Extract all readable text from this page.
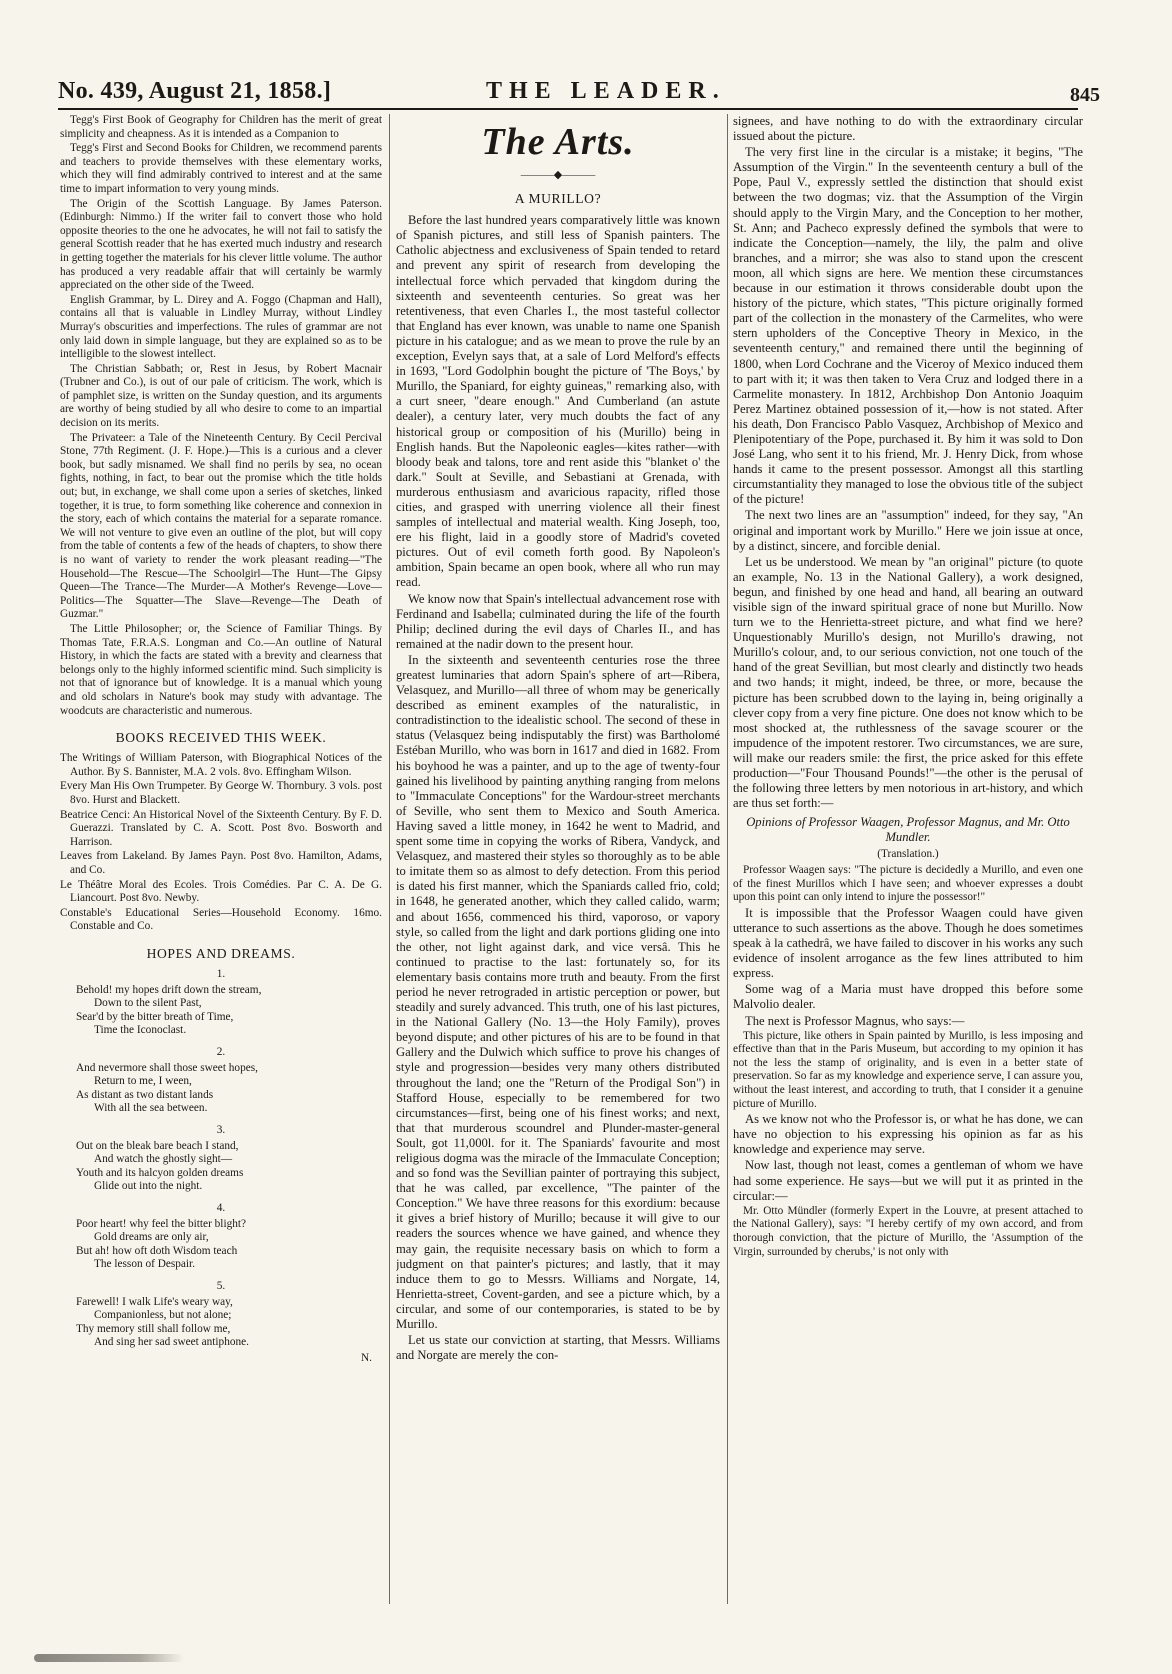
No. 439, August 21, 1858.]	THE LEADER.	845

Tegg's First Book of Geography for Children has the merit of great simplicity and cheapness. As it is intended as a Companion to

Tegg's First and Second Books for Children, we recommend parents and teachers to provide themselves with these elementary works, which they will find admirably contrived to interest and at the same time to impart information to very young minds.

The Origin of the Scottish Language. By James Paterson. (Edinburgh: Nimmo.) If the writer fail to convert those who hold opposite theories to the one he advocates, he will not fail to satisfy the general Scottish reader that he has exerted much industry and research in getting together the materials for his clever little volume. The author has produced a very readable affair that will certainly be warmly appreciated on the other side of the Tweed.

English Grammar, by L. Direy and A. Foggo (Chapman and Hall), contains all that is valuable in Lindley Murray, without Lindley Murray's obscurities and imperfections. The rules of grammar are not only laid down in simple language, but they are explained so as to be intelligible to the slowest intellect.

The Christian Sabbath; or, Rest in Jesus, by Robert Macnair (Trubner and Co.), is out of our pale of criticism. The work, which is of pamphlet size, is written on the Sunday question, and its arguments are worthy of being studied by all who desire to come to an impartial decision on its merits.

The Privateer: a Tale of the Nineteenth Century. By Cecil Percival Stone, 77th Regiment. (J. F. Hope.)—This is a curious and a clever book, but sadly misnamed. We shall find no perils by sea, no ocean fights, nothing, in fact, to bear out the promise which the title holds out; but, in exchange, we shall come upon a series of sketches, linked together, it is true, to form something like coherence and connexion in the story, each of which contains the material for a separate romance. We will not venture to give even an outline of the plot, but will copy from the table of contents a few of the heads of chapters, to show there is no want of variety to render the work pleasant reading—"The Household—The Rescue—The Schoolgirl—The Hunt—The Gipsy Queen—The Trance—The Murder—A Mother's Revenge—Love—Politics—The Squatter—The Slave—Revenge—The Death of Guzmar."

The Little Philosopher; or, the Science of Familiar Things. By Thomas Tate, F.R.A.S. Longman and Co.—An outline of Natural History, in which the facts are stated with a brevity and clearness that belongs only to the highly informed scientific mind. Such simplicity is not that of ignorance but of knowledge. It is a manual which young and old scholars in Nature's book may study with advantage. The woodcuts are characteristic and numerous.

BOOKS RECEIVED THIS WEEK.

The Writings of William Paterson, with Biographical Notices of the Author. By S. Bannister, M.A. 2 vols. 8vo. Effingham Wilson.

Every Man His Own Trumpeter. By George W. Thornbury. 3 vols. post 8vo. Hurst and Blackett.

Beatrice Cenci: An Historical Novel of the Sixteenth Century. By F. D. Guerazzi. Translated by C. A. Scott. Post 8vo. Bosworth and Harrison.

Leaves from Lakeland. By James Payn. Post 8vo. Hamilton, Adams, and Co.

Le Théâtre Moral des Ecoles. Trois Comédies. Par C. A. De G. Liancourt. Post 8vo. Newby.

Constable's Educational Series—Household Economy. 16mo. Constable and Co.

HOPES AND DREAMS.
1.
Behold! my hopes drift down the stream,
Down to the silent Past,
Sear'd by the bitter breath of Time,
Time the Iconoclast.
2.
And nevermore shall those sweet hopes,
Return to me, I ween,
As distant as two distant lands
With all the sea between.
3.
Out on the bleak bare beach I stand,
And watch the ghostly sight—
Youth and its halcyon golden dreams
Glide out into the night.
4.
Poor heart! why feel the bitter blight?
Gold dreams are only air,
But ah! how oft doth Wisdom teach
The lesson of Despair.
5.
Farewell! I walk Life's weary way,
Companionless, but not alone;
Thy memory still shall follow me,
And sing her sad sweet antiphone.
N.
The Arts.
———◆———
A MURILLO?

Before the last hundred years comparatively little was known of Spanish pictures, and still less of Spanish painters. The Catholic abjectness and exclusiveness of Spain tended to retard and prevent any spirit of research from developing the intellectual force which pervaded that kingdom during the sixteenth and seventeenth centuries. So great was her retentiveness, that even Charles I., the most tasteful collector that England has ever known, was unable to name one Spanish picture in his catalogue; and as we mean to prove the rule by an exception, Evelyn says that, at a sale of Lord Melford's effects in 1693, "Lord Godolphin bought the picture of 'The Boys,' by Murillo, the Spaniard, for eighty guineas," remarking also, with a curt sneer, "deare enough." And Cumberland (an astute dealer), a century later, very much doubts the fact of any historical group or composition of his (Murillo) being in English hands. But the Napoleonic eagles—kites rather—with bloody beak and talons, tore and rent aside this "blanket o' the dark." Soult at Seville, and Sebastiani at Grenada, with murderous enthusiasm and avaricious rapacity, rifled those cities, and grasped with unerring violence all their finest samples of intellectual and material wealth. King Joseph, too, ere his flight, laid in a goodly store of Madrid's coveted pictures. Out of evil cometh forth good. By Napoleon's ambition, Spain became an open book, where all who run may read.

We know now that Spain's intellectual advancement rose with Ferdinand and Isabella; culminated during the life of the fourth Philip; declined during the evil days of Charles II., and has remained at the nadir down to the present hour.

In the sixteenth and seventeenth centuries rose the three greatest luminaries that adorn Spain's sphere of art—Ribera, Velasquez, and Murillo—all three of whom may be generically described as eminent examples of the naturalistic, in contradistinction to the idealistic school. The second of these in status (Velasquez being indisputably the first) was Bartholomé Estéban Murillo, who was born in 1617 and died in 1682. From his boyhood he was a painter, and up to the age of twenty-four gained his livelihood by painting anything ranging from melons to "Immaculate Conceptions" for the Wardour-street merchants of Seville, who sent them to Mexico and South America. Having saved a little money, in 1642 he went to Madrid, and spent some time in copying the works of Ribera, Vandyck, and Velasquez, and mastered their styles so thoroughly as to be able to imitate them so as almost to defy detection. From this period is dated his first manner, which the Spaniards called frio, cold; in 1648, he generated another, which they called calido, warm; and about 1656, commenced his third, vaporoso, or vapory style, so called from the light and dark portions gliding one into the other, not light against dark, and vice versâ. This he continued to practise to the last: fortunately so, for its elementary basis contains more truth and beauty. From the first period he never retrograded in artistic perception or power, but steadily and surely advanced. This truth, one of his last pictures, in the National Gallery (No. 13—the Holy Family), proves beyond dispute; and other pictures of his are to be found in that Gallery and the Dulwich which suffice to prove his changes of style and progression—besides very many others distributed throughout the land; one the "Return of the Prodigal Son") in Stafford House, especially to be remembered for two circumstances—first, being one of his finest works; and next, that that murderous scoundrel and Plunder-master-general Soult, got 11,000l. for it. The Spaniards' favourite and most religious dogma was the miracle of the Immaculate Conception; and so fond was the Sevillian painter of portraying this subject, that he was called, par excellence, "The painter of the Conception." We have three reasons for this exordium: because it gives a brief history of Murillo; because it will give to our readers the sources whence we have gained, and whence they may gain, the requisite necessary basis on which to form a judgment on that painter's pictures; and lastly, that it may induce them to go to Messrs. Williams and Norgate, 14, Henrietta-street, Covent-garden, and see a picture which, by a circular, and some of our contemporaries, is stated to be by Murillo.

Let us state our conviction at starting, that Messrs. Williams and Norgate are merely the con-

signees, and have nothing to do with the extraordinary circular issued about the picture.

The very first line in the circular is a mistake; it begins, "The Assumption of the Virgin." In the seventeenth century a bull of the Pope, Paul V., expressly settled the distinction that should exist between the two dogmas; viz. that the Assumption of the Virgin should apply to the Virgin Mary, and the Conception to her mother, St. Ann; and Pacheco expressly defined the symbols that were to indicate the Conception—namely, the lily, the palm and olive branches, and a mirror; she was also to stand upon the crescent moon, all which signs are here. We mention these circumstances because in our estimation it throws considerable doubt upon the history of the picture, which states, "This picture originally formed part of the collection in the monastery of the Carmelites, who were stern upholders of the Conceptive Theory in Mexico, in the seventeenth century," and remained there until the beginning of 1800, when Lord Cochrane and the Viceroy of Mexico induced them to part with it; it was then taken to Vera Cruz and lodged there in a Carmelite monastery. In 1812, Archbishop Don Antonio Joaquim Perez Martinez obtained possession of it,—how is not stated. After his death, Don Francisco Pablo Vasquez, Archbishop of Mexico and Plenipotentiary of the Pope, purchased it. By him it was sold to Don José Lang, who sent it to his friend, Mr. J. Henry Dick, from whose hands it came to the present possessor. Amongst all this startling circumstantiality they managed to lose the obvious title of the subject of the picture!

The next two lines are an "assumption" indeed, for they say, "An original and important work by Murillo." Here we join issue at once, by a distinct, sincere, and forcible denial.

Let us be understood. We mean by "an original" picture (to quote an example, No. 13 in the National Gallery), a work designed, begun, and finished by one head and hand, all bearing an outward visible sign of the inward spiritual grace of none but Murillo. Now turn we to the Henrietta-street picture, and what find we here? Unquestionably Murillo's design, not Murillo's drawing, not Murillo's colour, and, to our serious conviction, not one touch of the hand of the great Sevillian, but most clearly and distinctly two heads and two hands; it might, indeed, be three, or more, because the picture has been scrubbed down to the laying in, being originally a clever copy from a very fine picture. One does not know which to be most shocked at, the ruthlessness of the savage scourer or the impudence of the impotent restorer. Two circumstances, we are sure, will make our readers smile: the first, the price asked for this effete production—"Four Thousand Pounds!"—the other is the perusal of the following three letters by men notorious in art-history, and which are thus set forth:—

Opinions of Professor Waagen, Professor Magnus, and Mr. Otto Mundler.
(Translation.)

Professor Waagen says: "The picture is decidedly a Murillo, and even one of the finest Murillos which I have seen; and whoever expresses a doubt upon this point can only intend to injure the possessor!"

It is impossible that the Professor Waagen could have given utterance to such assertions as the above. Though he does sometimes speak à la cathedrâ, we have failed to discover in his works any such evidence of insolent arrogance as the few lines attributed to him express.

Some wag of a Maria must have dropped this before some Malvolio dealer.

The next is Professor Magnus, who says:—

This picture, like others in Spain painted by Murillo, is less imposing and effective than that in the Paris Museum, but according to my opinion it has not the less the stamp of originality, and is even in a better state of preservation. So far as my knowledge and experience serve, I can assure you, without the least interest, and according to truth, that I consider it a genuine picture of Murillo.

As we know not who the Professor is, or what he has done, we can have no objection to his expressing his opinion as far as his knowledge and experience may serve.

Now last, though not least, comes a gentleman of whom we have had some experience. He says—but we will put it as printed in the circular:—

Mr. Otto Mündler (formerly Expert in the Louvre, at present attached to the National Gallery), says: "I hereby certify of my own accord, and from thorough conviction, that the picture of Murillo, the 'Assumption of the Virgin, surrounded by cherubs,' is not only with
